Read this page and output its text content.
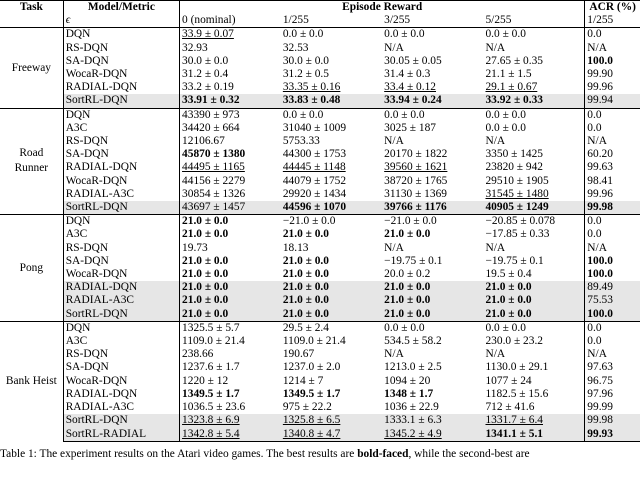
Task	Model/Metric	Episode Reward				ACR (%)
	ϵ	0 (nominal)	1/255	3/255	5/255	1/255
Freeway	DQN	33.9 ± 0.07	0.0 ± 0.0	0.0 ± 0.0	0.0 ± 0.0	0.0
	RS-DQN	32.93	32.53	N/A	N/A	N/A
	SA-DQN	30.0 ± 0.0	30.0 ± 0.0	30.05 ± 0.05	27.65 ± 0.35	100.0
	WocaR-DQN	31.2 ± 0.4	31.2 ± 0.5	31.4 ± 0.3	21.1 ± 1.5	99.90
	RADIAL-DQN	33.2 ± 0.19	33.35 ± 0.16	33.4 ± 0.12	29.1 ± 0.67	99.96
	SortRL-DQN	33.91 ± 0.32	33.83 ± 0.48	33.94 ± 0.24	33.92 ± 0.33	99.94
Road Runner	DQN	43390 ± 973	0.0 ± 0.0	0.0 ± 0.0	0.0 ± 0.0	0.0
	A3C	34420 ± 664	31040 ± 1009	3025 ± 187	0.0 ± 0.0	0.0
	RS-DQN	12106.67	5753.33	N/A	N/A	N/A
	SA-DQN	45870 ± 1380	44300 ± 1753	20170 ± 1822	3350 ± 1425	60.20
	RADIAL-DQN	44495 ± 1165	44445 ± 1148	39560 ± 1621	23820 ± 942	99.63
	WocaR-DQN	44156 ± 2279	44079 ± 1752	38720 ± 1765	29510 ± 1905	98.41
	RADIAL-A3C	30854 ± 1326	29920 ± 1434	31130 ± 1369	31545 ± 1480	99.96
	SortRL-DQN	43697 ± 1457	44596 ± 1070	39766 ± 1176	40905 ± 1249	99.98
Pong	DQN	21.0 ± 0.0	−21.0 ± 0.0	−21.0 ± 0.0	−20.85 ± 0.078	0.0
	A3C	21.0 ± 0.0	21.0 ± 0.0	21.0 ± 0.0	−17.85 ± 0.33	0.0
	RS-DQN	19.73	18.13	N/A	N/A	N/A
	SA-DQN	21.0 ± 0.0	21.0 ± 0.0	−19.75 ± 0.1	−19.75 ± 0.1	100.0
	WocaR-DQN	21.0 ± 0.0	21.0 ± 0.0	20.0 ± 0.2	19.5 ± 0.4	100.0
	RADIAL-DQN	21.0 ± 0.0	21.0 ± 0.0	21.0 ± 0.0	21.0 ± 0.0	89.49
	RADIAL-A3C	21.0 ± 0.0	21.0 ± 0.0	21.0 ± 0.0	21.0 ± 0.0	75.53
	SortRL-DQN	21.0 ± 0.0	21.0 ± 0.0	21.0 ± 0.0	21.0 ± 0.0	100.0
Bank Heist	DQN	1325.5 ± 5.7	29.5 ± 2.4	0.0 ± 0.0	0.0 ± 0.0	0.0
	A3C	1109.0 ± 21.4	1109.0 ± 21.4	534.5 ± 58.2	230.0 ± 23.2	0.0
	RS-DQN	238.66	190.67	N/A	N/A	N/A
	SA-DQN	1237.6 ± 1.7	1237.0 ± 2.0	1213.0 ± 2.5	1130.0 ± 29.1	97.63
	WocaR-DQN	1220 ± 12	1214 ± 7	1094 ± 20	1077 ± 24	96.75
	RADIAL-DQN	1349.5 ± 1.7	1349.5 ± 1.7	1348 ± 1.7	1182.5 ± 15.6	97.96
	RADIAL-A3C	1036.5 ± 23.6	975 ± 22.2	1036 ± 22.9	712 ± 41.6	99.99
	SortRL-DQN	1323.8 ± 6.9	1325.8 ± 6.5	1333.1 ± 6.3	1331.7 ± 6.4	99.98
	SortRL-RADIAL	1342.8 ± 5.4	1340.8 ± 4.7	1345.2 ± 4.9	1341.1 ± 5.1	99.93
Table 1: The experiment results on the Atari video games. The best results are bold-faced, while the second-best are
